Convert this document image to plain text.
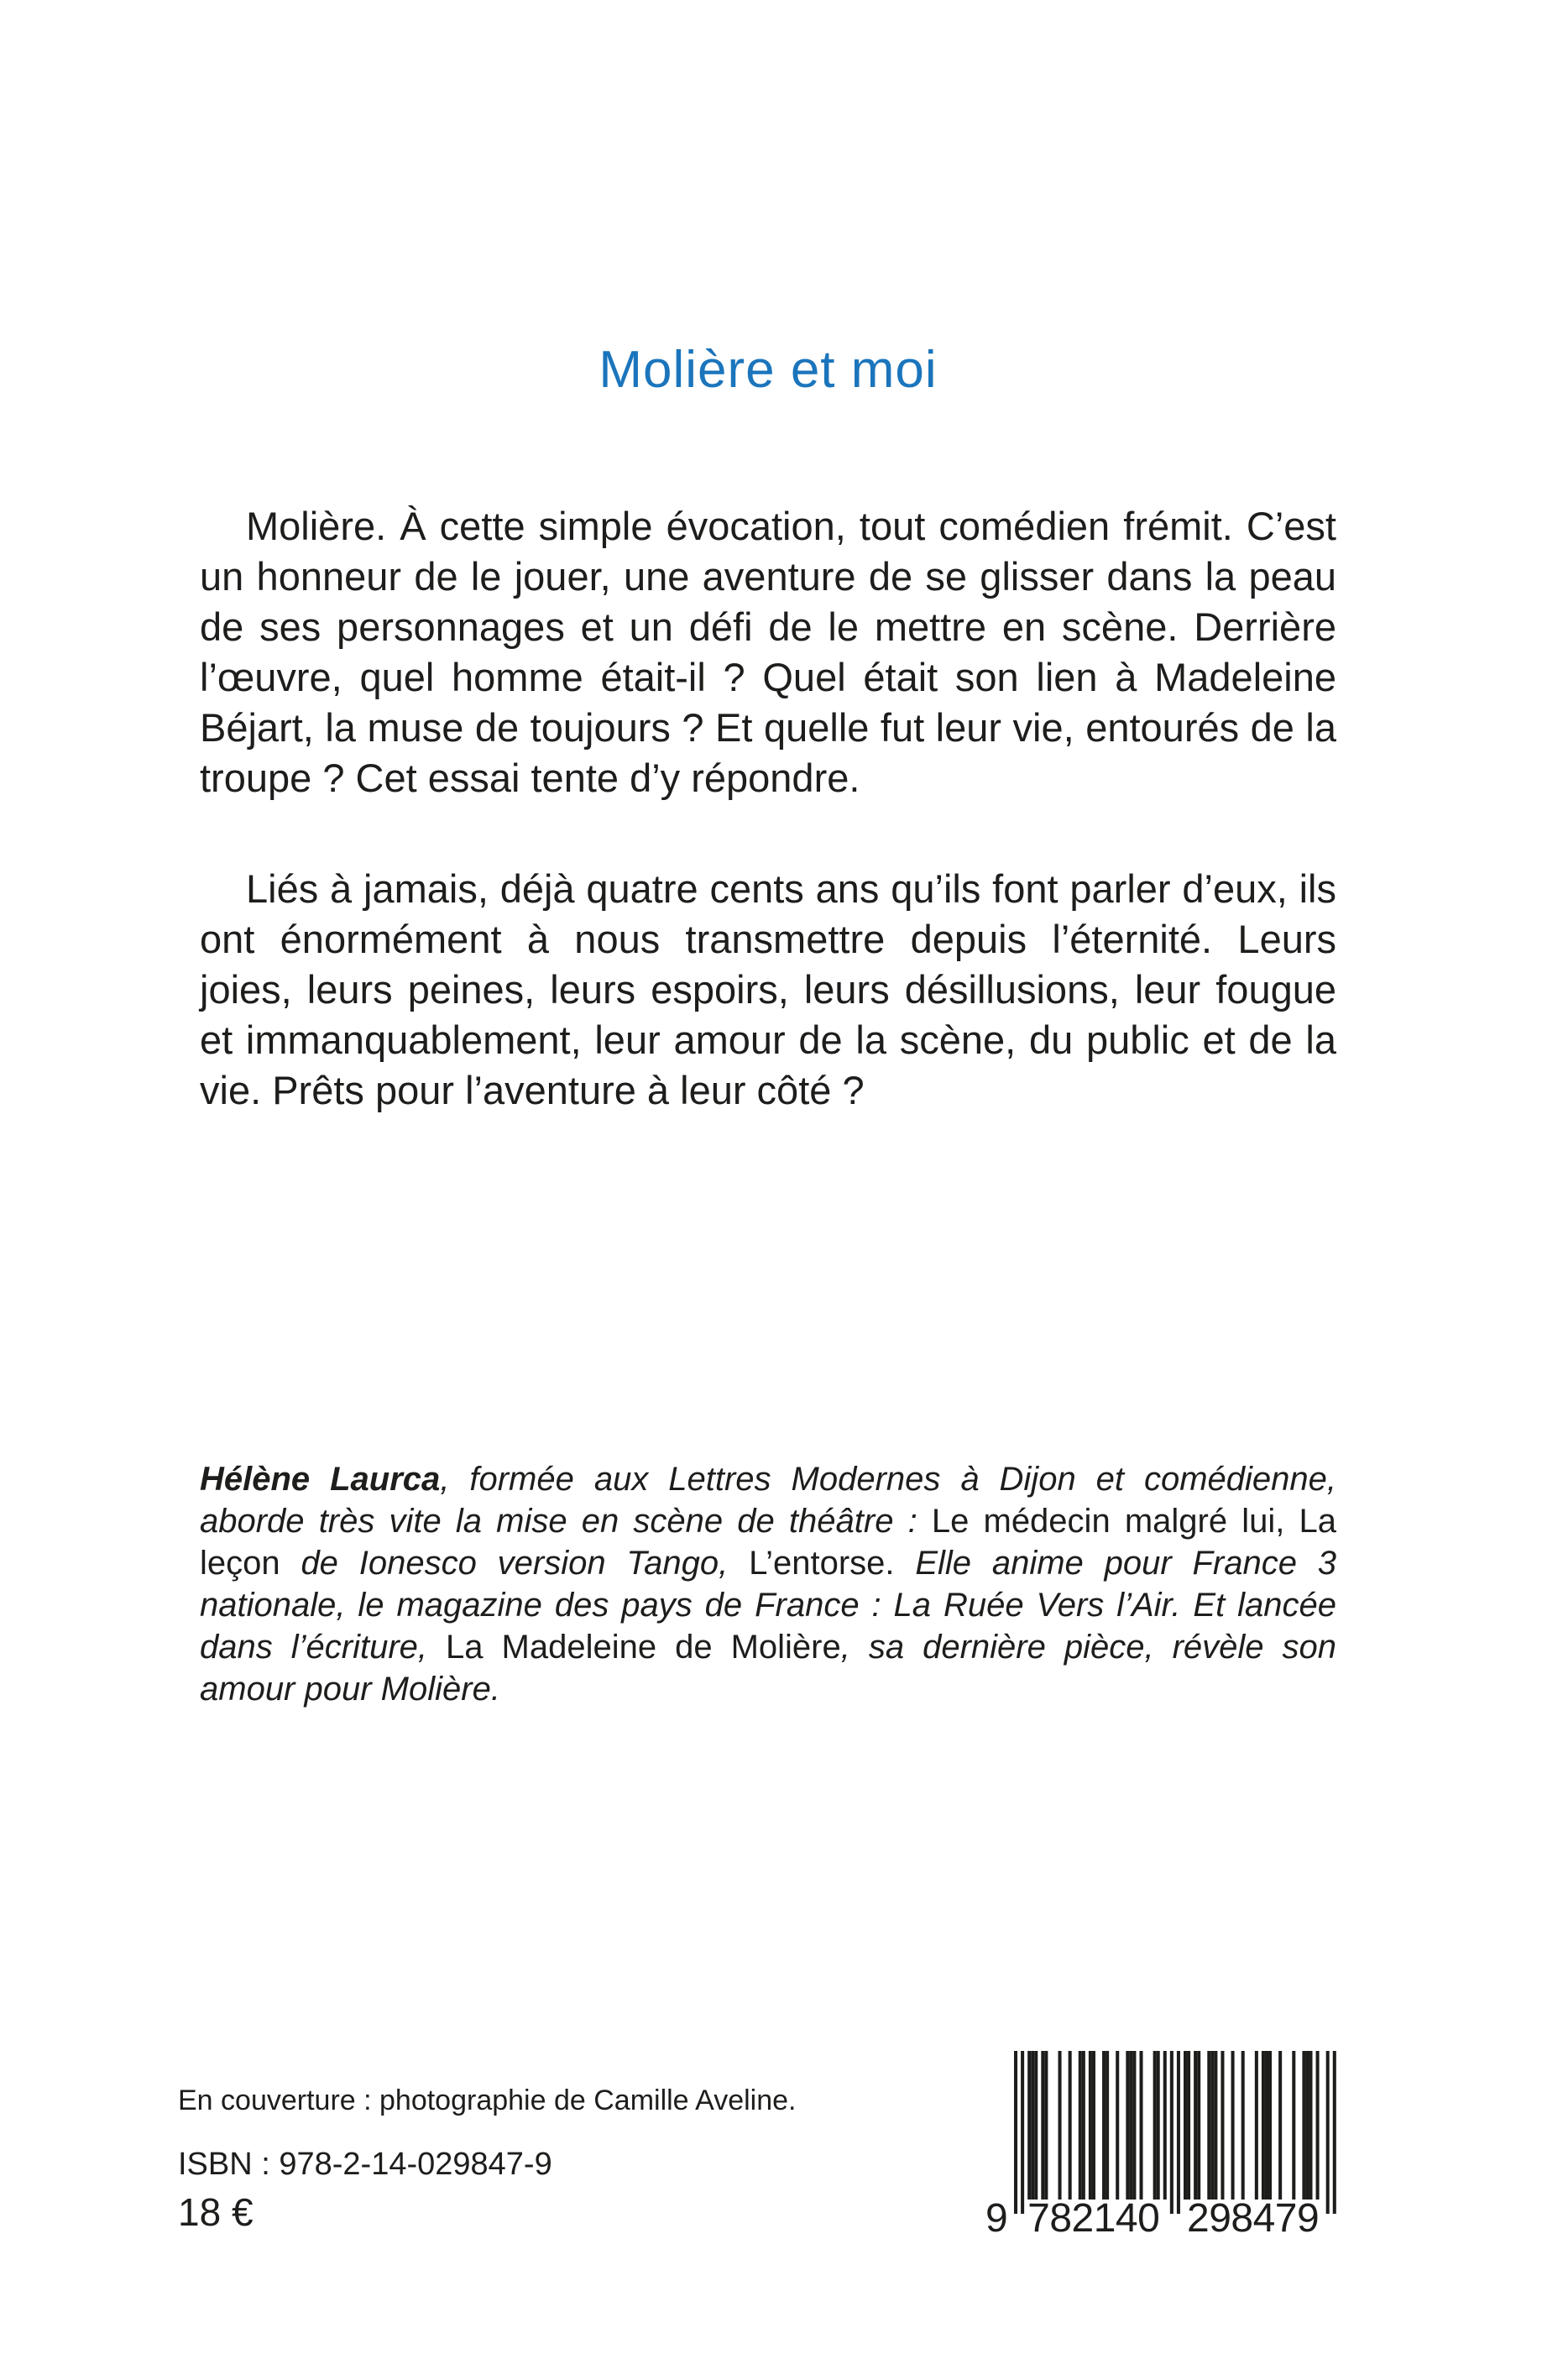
Molière et moi

Molière. À cette simple évocation, tout comédien frémit. C’est un honneur de le jouer, une aventure de se glisser dans la peau de ses personnages et un défi de le mettre en scène. Derrière l’œuvre, quel homme était-il ? Quel était son lien à Madeleine Béjart, la muse de toujours ? Et quelle fut leur vie, entourés de la troupe ? Cet essai tente d’y répondre.

Liés à jamais, déjà quatre cents ans qu’ils font parler d’eux, ils ont énormément à nous transmettre depuis l’éternité. Leurs joies, leurs peines, leurs espoirs, leurs désillusions, leur fougue et immanquablement, leur amour de la scène, du public et de la vie. Prêts pour l’aventure à leur côté ?

Hélène Laurca, formée aux Lettres Modernes à Dijon et comédienne, aborde très vite la mise en scène de théâtre : Le médecin malgré lui, La leçon de Ionesco version Tango, L’entorse. Elle anime pour France 3 nationale, le magazine des pays de France : La Ruée Vers l’Air. Et lancée dans l’écriture, La Madeleine de Molière, sa dernière pièce, révèle son amour pour Molière.
En couverture : photographie de Camille Aveline.
ISBN : 978-2-14-029847-9
18 €	9 782140 298479
